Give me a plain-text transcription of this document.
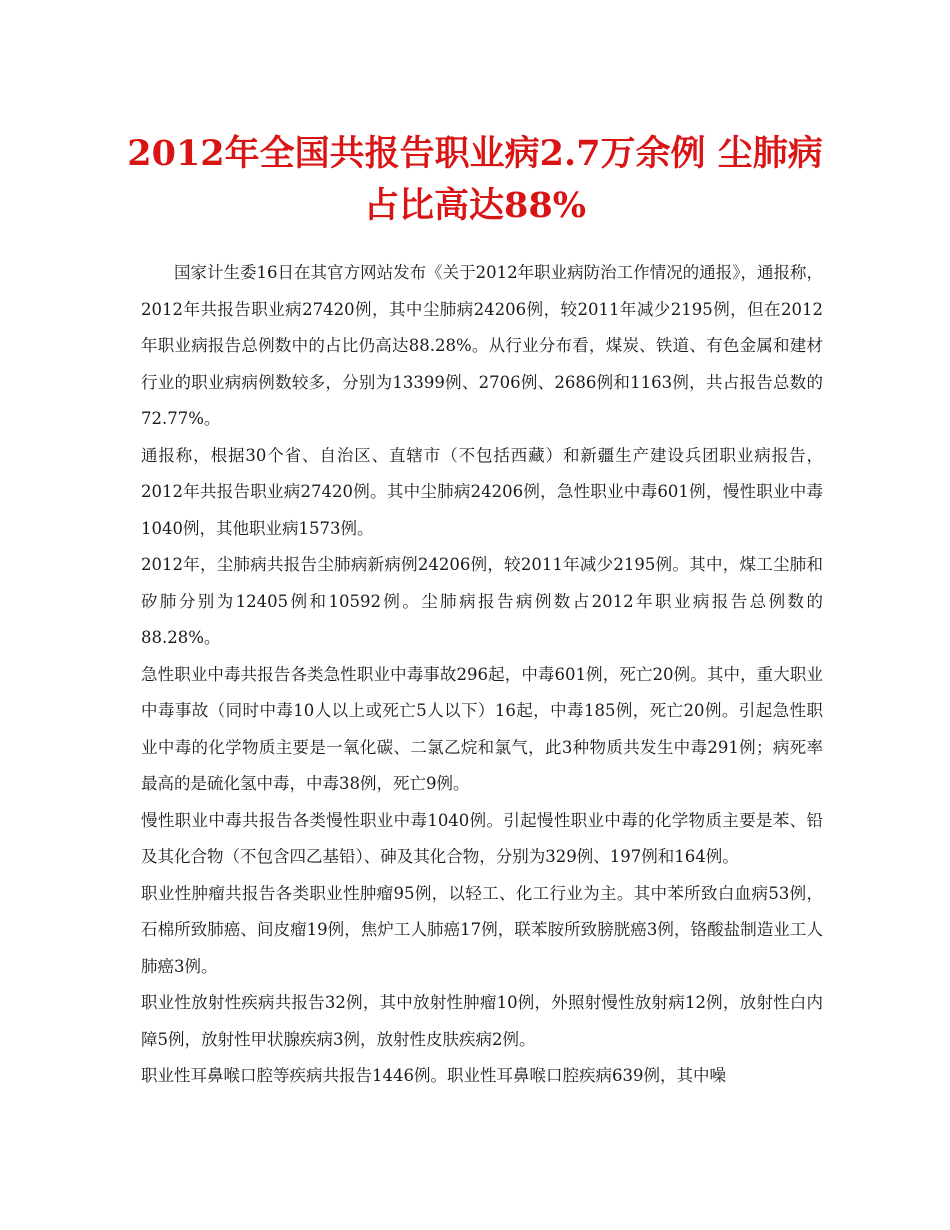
2012年全国共报告职业病2.7万余例 尘肺病占比高达88%

国家计生委16日在其官方网站发布《关于2012年职业病防治工作情况的通报》，通报称，2012年共报告职业病27420例，其中尘肺病24206例，较2011年减少2195例，但在2012年职业病报告总例数中的占比仍高达88.28%。从行业分布看，煤炭、铁道、有色金属和建材行业的职业病病例数较多，分别为13399例、2706例、2686例和1163例，共占报告总数的72.77%。

通报称，根据30个省、自治区、直辖市（不包括西藏）和新疆生产建设兵团职业病报告，2012年共报告职业病27420例。其中尘肺病24206例，急性职业中毒601例，慢性职业中毒1040例，其他职业病1573例。

2012年，尘肺病共报告尘肺病新病例24206例，较2011年减少2195例。其中，煤工尘肺和矽肺分别为12405例和10592例。尘肺病报告病例数占2012年职业病报告总例数的88.28%。

急性职业中毒共报告各类急性职业中毒事故296起，中毒601例，死亡20例。其中，重大职业中毒事故（同时中毒10人以上或死亡5人以下）16起，中毒185例，死亡20例。引起急性职业中毒的化学物质主要是一氧化碳、二氯乙烷和氯气，此3种物质共发生中毒291例；病死率最高的是硫化氢中毒，中毒38例，死亡9例。

慢性职业中毒共报告各类慢性职业中毒1040例。引起慢性职业中毒的化学物质主要是苯、铅及其化合物（不包含四乙基铅）、砷及其化合物，分别为329例、197例和164例。

职业性肿瘤共报告各类职业性肿瘤95例，以轻工、化工行业为主。其中苯所致白血病53例，石棉所致肺癌、间皮瘤19例，焦炉工人肺癌17例，联苯胺所致膀胱癌3例，铬酸盐制造业工人肺癌3例。

职业性放射性疾病共报告32例，其中放射性肿瘤10例，外照射慢性放射病12例，放射性白内障5例，放射性甲状腺疾病3例，放射性皮肤疾病2例。

职业性耳鼻喉口腔等疾病共报告1446例。职业性耳鼻喉口腔疾病639例，其中噪
